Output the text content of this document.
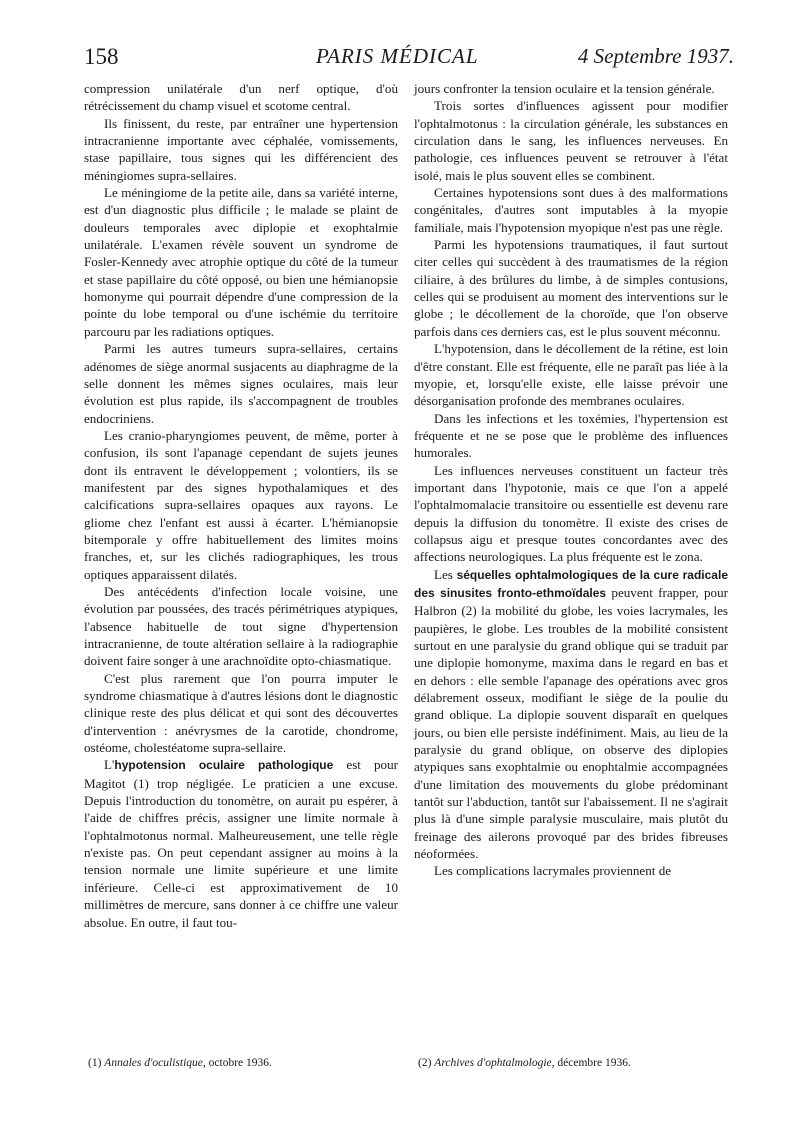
158	PARIS MÉDICAL	4 Septembre 1937.

compression unilatérale d'un nerf optique, d'où rétrécissement du champ visuel et scotome central.

Ils finissent, du reste, par entraîner une hypertension intracranienne importante avec céphalée, vomissements, stase papillaire, tous signes qui les différencient des méningiomes supra-sellaires.

Le méningiome de la petite aile, dans sa variété interne, est d'un diagnostic plus difficile ; le malade se plaint de douleurs temporales avec diplopie et exophtalmie unilatérale. L'examen révèle souvent un syndrome de Fosler-Kennedy avec atrophie optique du côté de la tumeur et stase papillaire du côté opposé, ou bien une hémianopsie homonyme qui pourrait dépendre d'une compression de la pointe du lobe temporal ou d'une ischémie du territoire parcouru par les radiations optiques.

Parmi les autres tumeurs supra-sellaires, certains adénomes de siège anormal susjacents au diaphragme de la selle donnent les mêmes signes oculaires, mais leur évolution est plus rapide, ils s'accompagnent de troubles endocriniens.

Les cranio-pharyngiomes peuvent, de même, porter à confusion, ils sont l'apanage cependant de sujets jeunes dont ils entravent le développement ; volontiers, ils se manifestent par des signes hypothalamiques et des calcifications supra-sellaires opaques aux rayons. Le gliome chez l'enfant est aussi à écarter. L'hémianopsie bitemporale y offre habituellement des limites moins franches, et, sur les clichés radiographiques, les trous optiques apparaissent dilatés.

Des antécédents d'infection locale voisine, une évolution par poussées, des tracés périmétriques atypiques, l'absence habituelle de tout signe d'hypertension intracranienne, de toute altération sellaire à la radiographie doivent faire songer à une arachnoïdite opto-chiasmatique.

C'est plus rarement que l'on pourra imputer le syndrome chiasmatique à d'autres lésions dont le diagnostic clinique reste des plus délicat et qui sont des découvertes d'intervention : anévrysmes de la carotide, chondrome, ostéome, cholestéatome supra-sellaire.

L'hypotension oculaire pathologique est pour Magitot (1) trop négligée. Le praticien a une excuse. Depuis l'introduction du tonomètre, on aurait pu espérer, à l'aide de chiffres précis, assigner une limite normale à l'ophtalmotonus normal. Malheureusement, une telle règle n'existe pas. On peut cependant assigner au moins à la tension normale une limite supérieure et une limite inférieure. Celle-ci est approximativement de 10 millimètres de mercure, sans donner à ce chiffre une valeur absolue. En outre, il faut tou-

jours confronter la tension oculaire et la tension générale.

Trois sortes d'influences agissent pour modifier l'ophtalmotonus : la circulation générale, les substances en circulation dans le sang, les influences nerveuses. En pathologie, ces influences peuvent se retrouver à l'état isolé, mais le plus souvent elles se combinent.

Certaines hypotensions sont dues à des malformations congénitales, d'autres sont imputables à la myopie familiale, mais l'hypotension myopique n'est pas une règle.

Parmi les hypotensions traumatiques, il faut surtout citer celles qui succèdent à des traumatismes de la région ciliaire, à des brûlures du limbe, à de simples contusions, celles qui se produisent au moment des interventions sur le globe ; le décollement de la choroïde, que l'on observe parfois dans ces derniers cas, est le plus souvent méconnu.

L'hypotension, dans le décollement de la rétine, est loin d'être constant. Elle est fréquente, elle ne paraît pas liée à la myopie, et, lorsqu'elle existe, elle laisse prévoir une désorganisation profonde des membranes oculaires.

Dans les infections et les toxémies, l'hypertension est fréquente et ne se pose que le problème des influences humorales.

Les influences nerveuses constituent un facteur très important dans l'hypotonie, mais ce que l'on a appelé l'ophtalmomalacie transitoire ou essentielle est devenu rare depuis la diffusion du tonomètre. Il existe des crises de collapsus aigu et presque toutes concordantes avec des affections neurologiques. La plus fréquente est le zona.

Les séquelles ophtalmologiques de la cure radicale des sinusites fronto-ethmoïdales peuvent frapper, pour Halbron (2) la mobilité du globe, les voies lacrymales, les paupières, le globe. Les troubles de la mobilité consistent surtout en une paralysie du grand oblique qui se traduit par une diplopie homonyme, maxima dans le regard en bas et en dehors : elle semble l'apanage des opérations avec gros délabrement osseux, modifiant le siège de la poulie du grand oblique. La diplopie souvent disparaît en quelques jours, ou bien elle persiste indéfiniment. Mais, au lieu de la paralysie du grand oblique, on observe des diplopies atypiques sans exophtalmie ou enophtalmie accompagnées d'une limitation des mouvements du globe prédominant tantôt sur l'abduction, tantôt sur l'abaissement. Il ne s'agirait plus là d'une simple paralysie musculaire, mais plutôt du freinage des ailerons provoqué par des brides fibreuses néoformées.

Les complications lacrymales proviennent de

(1) Annales d'oculistique, octobre 1936.	(2) Archives d'ophtalmologie, décembre 1936.
